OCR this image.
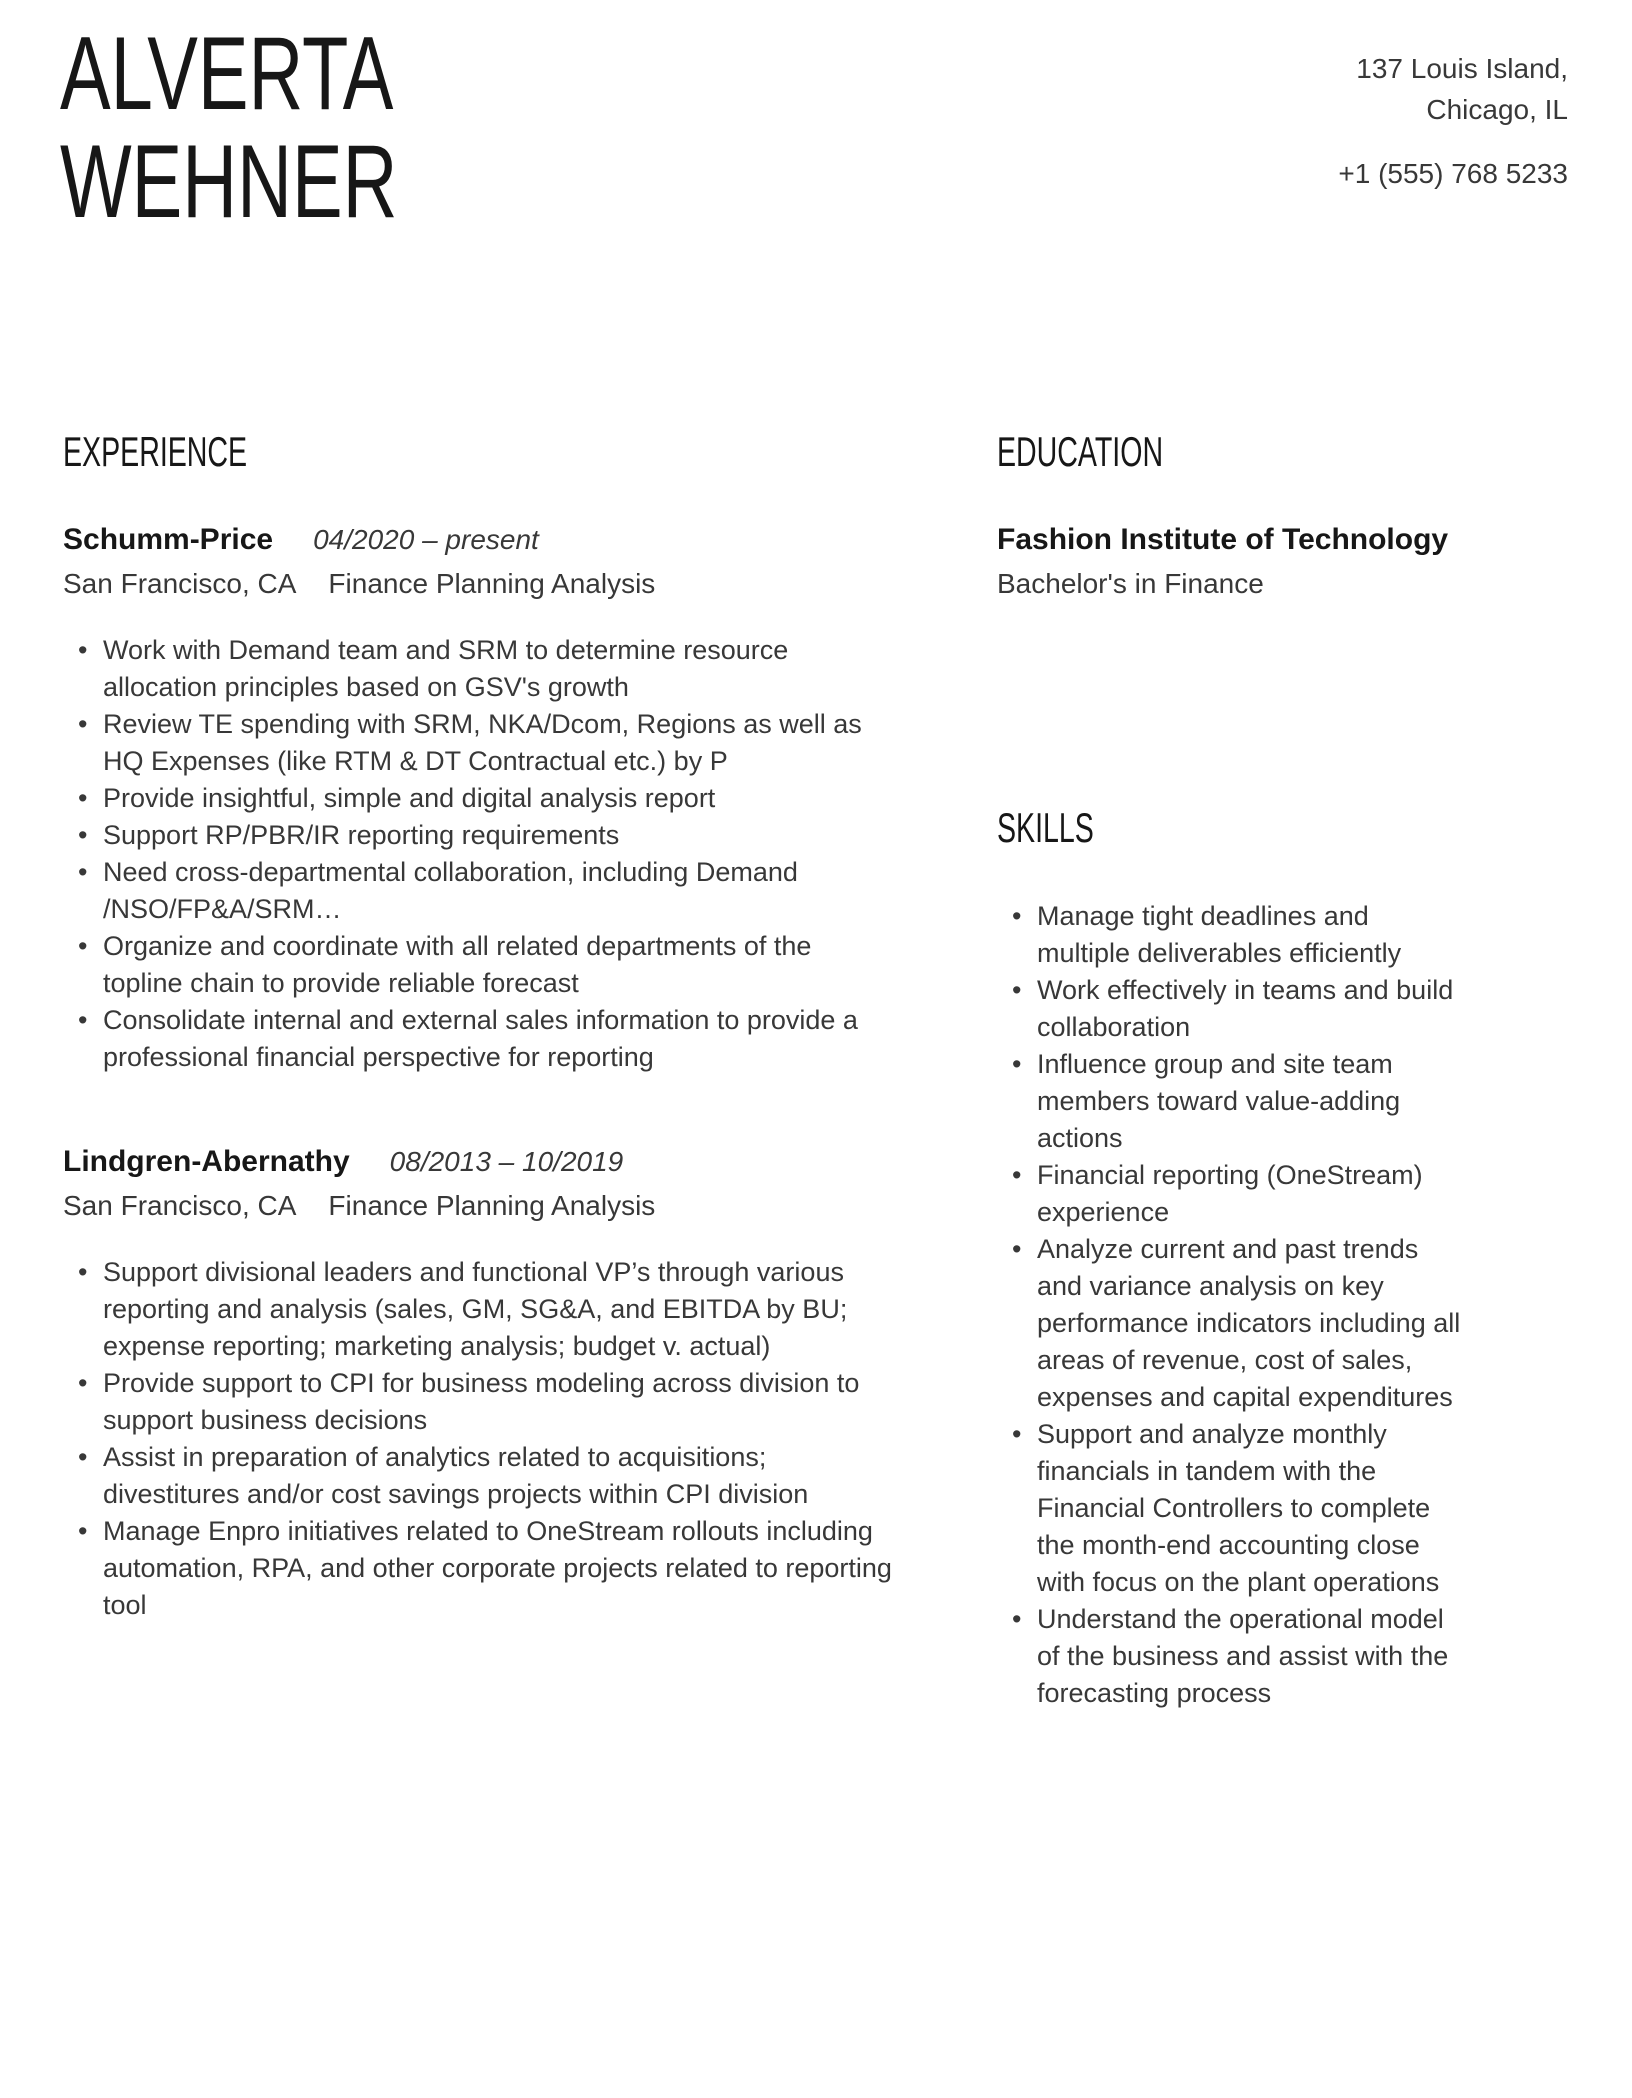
ALVERTA
WEHNER
137 Louis Island,
Chicago, IL
+1 (555) 768 5233
EXPERIENCE
Schumm-Price 04/2020 – present
San Francisco, CA Finance Planning Analysis
• Work with Demand team and SRM to determine resource allocation principles based on GSV's growth
• Review TE spending with SRM, NKA/Dcom, Regions as well as HQ Expenses (like RTM & DT Contractual etc.) by P
• Provide insightful, simple and digital analysis report
• Support RP/PBR/IR reporting requirements
• Need cross-departmental collaboration, including Demand /NSO/FP&A/SRM…
• Organize and coordinate with all related departments of the topline chain to provide reliable forecast
• Consolidate internal and external sales information to provide a professional financial perspective for reporting
Lindgren-Abernathy 08/2013 – 10/2019
San Francisco, CA Finance Planning Analysis
• Support divisional leaders and functional VP’s through various reporting and analysis (sales, GM, SG&A, and EBITDA by BU; expense reporting; marketing analysis; budget v. actual)
• Provide support to CPI for business modeling across division to support business decisions
• Assist in preparation of analytics related to acquisitions; divestitures and/or cost savings projects within CPI division
• Manage Enpro initiatives related to OneStream rollouts including automation, RPA, and other corporate projects related to reporting tool
EDUCATION
Fashion Institute of Technology
Bachelor's in Finance
SKILLS
• Manage tight deadlines and multiple deliverables efficiently
• Work effectively in teams and build collaboration
• Influence group and site team members toward value-adding actions
• Financial reporting (OneStream) experience
• Analyze current and past trends and variance analysis on key performance indicators including all areas of revenue, cost of sales, expenses and capital expenditures
• Support and analyze monthly financials in tandem with the Financial Controllers to complete the month-end accounting close with focus on the plant operations
• Understand the operational model of the business and assist with the forecasting process
